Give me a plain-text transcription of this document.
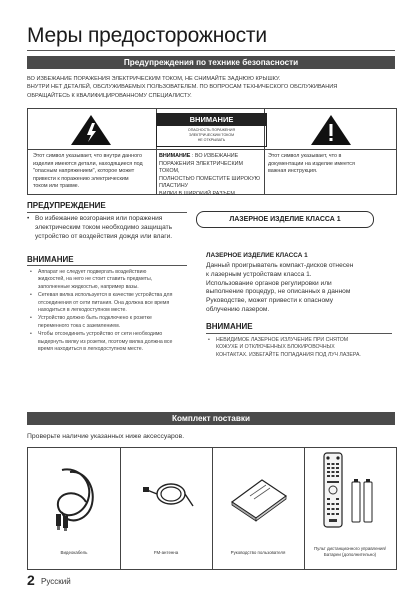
Меры предосторожности
Предупреждения по технике безопасности
ВО ИЗБЕЖАНИЕ ПОРАЖЕНИЯ ЭЛЕКТРИЧЕСКИМ ТОКОМ, НЕ СНИМАЙТЕ ЗАДНЮЮ КРЫШКУ.
ВНУТРИ НЕТ ДЕТАЛЕЙ, ОБСЛУЖИВАЕМЫХ ПОЛЬЗОВАТЕЛЕМ. ПО ВОПРОСАМ ТЕХНИЧЕСКОГО ОБСЛУЖИВАНИЯ
ОБРАЩАЙТЕСЬ К КВАЛИФИЦИРОВАННОМУ СПЕЦИАЛИСТУ.
ВНИМАНИЕ
ОПАСНОСТЬ ПОРАЖЕНИЯ
ЭЛЕКТРИЧЕСКИМ ТОКОМ
НЕ ОТКРЫВАТЬ
Этот символ указывает, что внутри данного
изделия имеются детали, находящиеся под
"опасным напряжением", которое может
привести к поражению электрическим
током или травме.
ВНИМАНИЕ : ВО ИЗБЕЖАНИЕ
ПОРАЖЕНИЯ ЭЛЕКТРИЧЕСКИМ ТОКОМ,
ПОЛНОСТЬЮ ПОМЕСТИТЕ ШИРОКУЮ ПЛАСТИНУ
ВИЛКИ В ШИРОКИЙ РАЗЪЕМ.
Этот символ указывает, что в
документации на изделие имеется
важная инструкция.
ПРЕДУПРЕЖДЕНИЕ
• Во избежание возгорания или поражения
электрическим током необходимо защищать
устройство от воздействия дождя или влаги.
ВНИМАНИЕ
• Аппарат не следует подвергать воздействию
жидкостей, на него не стоит ставить предметы,
заполненные жидкостью, например вазы.
• Сетевая вилка используется в качестве устройства для
отсоединения от сети питания. Она должна все время
находиться в легкодоступном месте.
• Устройство должно быть подключено к розетке
переменного тока с заземлением.
• Чтобы отсоединить устройство от сети необходимо
выдернуть вилку из розетки, поэтому вилка должна все
время находиться в легкодоступном месте.
ЛАЗЕРНОЕ ИЗДЕЛИЕ КЛАССА 1
ЛАЗЕРНОЕ ИЗДЕЛИЕ КЛАССА 1
Данный проигрыватель компакт-дисков отнесен
к лазерным устройствам класса 1.
Использование органов регулировки или
выполнение процедур, не описанных в данном
Руководстве, может привести к опасному
облучению лазером.
ВНИМАНИЕ
• НЕВИДИМОЕ ЛАЗЕРНОЕ ИЗЛУЧЕНИЕ ПРИ СНЯТОМ
КОЖУХЕ И ОТКЛЮЧЕННЫХ БЛОКИРОВОЧНЫХ
КОНТАКТАХ. ИЗБЕГАЙТЕ ПОПАДАНИЯ ПОД ЛУЧ ЛАЗЕРА.
Комплект поставки
Проверьте наличие указанных ниже аксессуаров.
Видеокабель	FM-антенна	Руководство пользователя
Пульт дистанционного управления/
Батареи (дополнительно)
2 Русский
